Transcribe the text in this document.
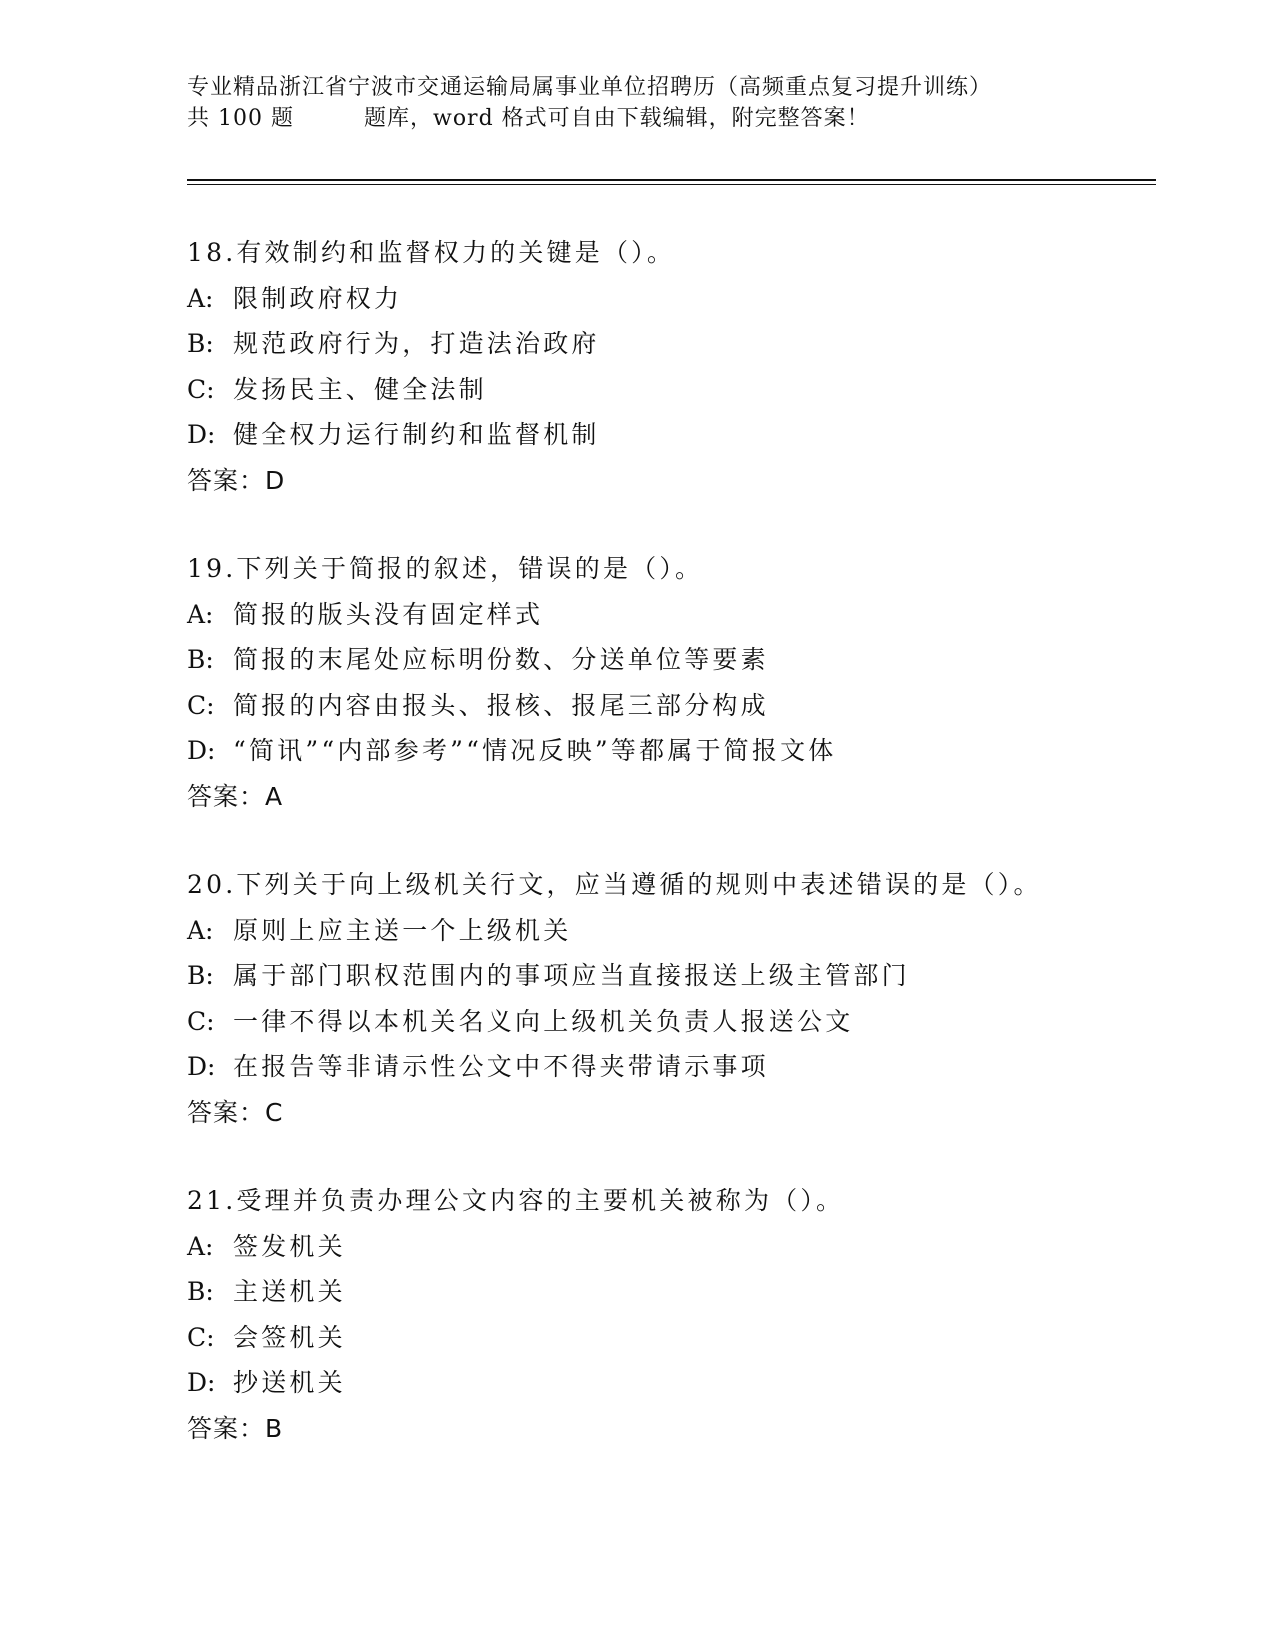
专业精品浙江省宁波市交通运输局属事业单位招聘历（高频重点复习提升训练）
共 100 题	题库，word 格式可自由下载编辑，附完整答案！
18.有效制约和监督权力的关键是（）。
A: 限制政府权力
B: 规范政府行为，打造法治政府
C: 发扬民主、健全法制
D: 健全权力运行制约和监督机制
答案：D
19.下列关于简报的叙述，错误的是（）。
A: 简报的版头没有固定样式
B: 简报的末尾处应标明份数、分送单位等要素
C: 简报的内容由报头、报核、报尾三部分构成
D: “简讯”“内部参考”“情况反映”等都属于简报文体
答案：A
20.下列关于向上级机关行文，应当遵循的规则中表述错误的是（）。
A: 原则上应主送一个上级机关
B: 属于部门职权范围内的事项应当直接报送上级主管部门
C: 一律不得以本机关名义向上级机关负责人报送公文
D: 在报告等非请示性公文中不得夹带请示事项
答案：C
21.受理并负责办理公文内容的主要机关被称为（）。
A: 签发机关
B: 主送机关
C: 会签机关
D: 抄送机关
答案：B
